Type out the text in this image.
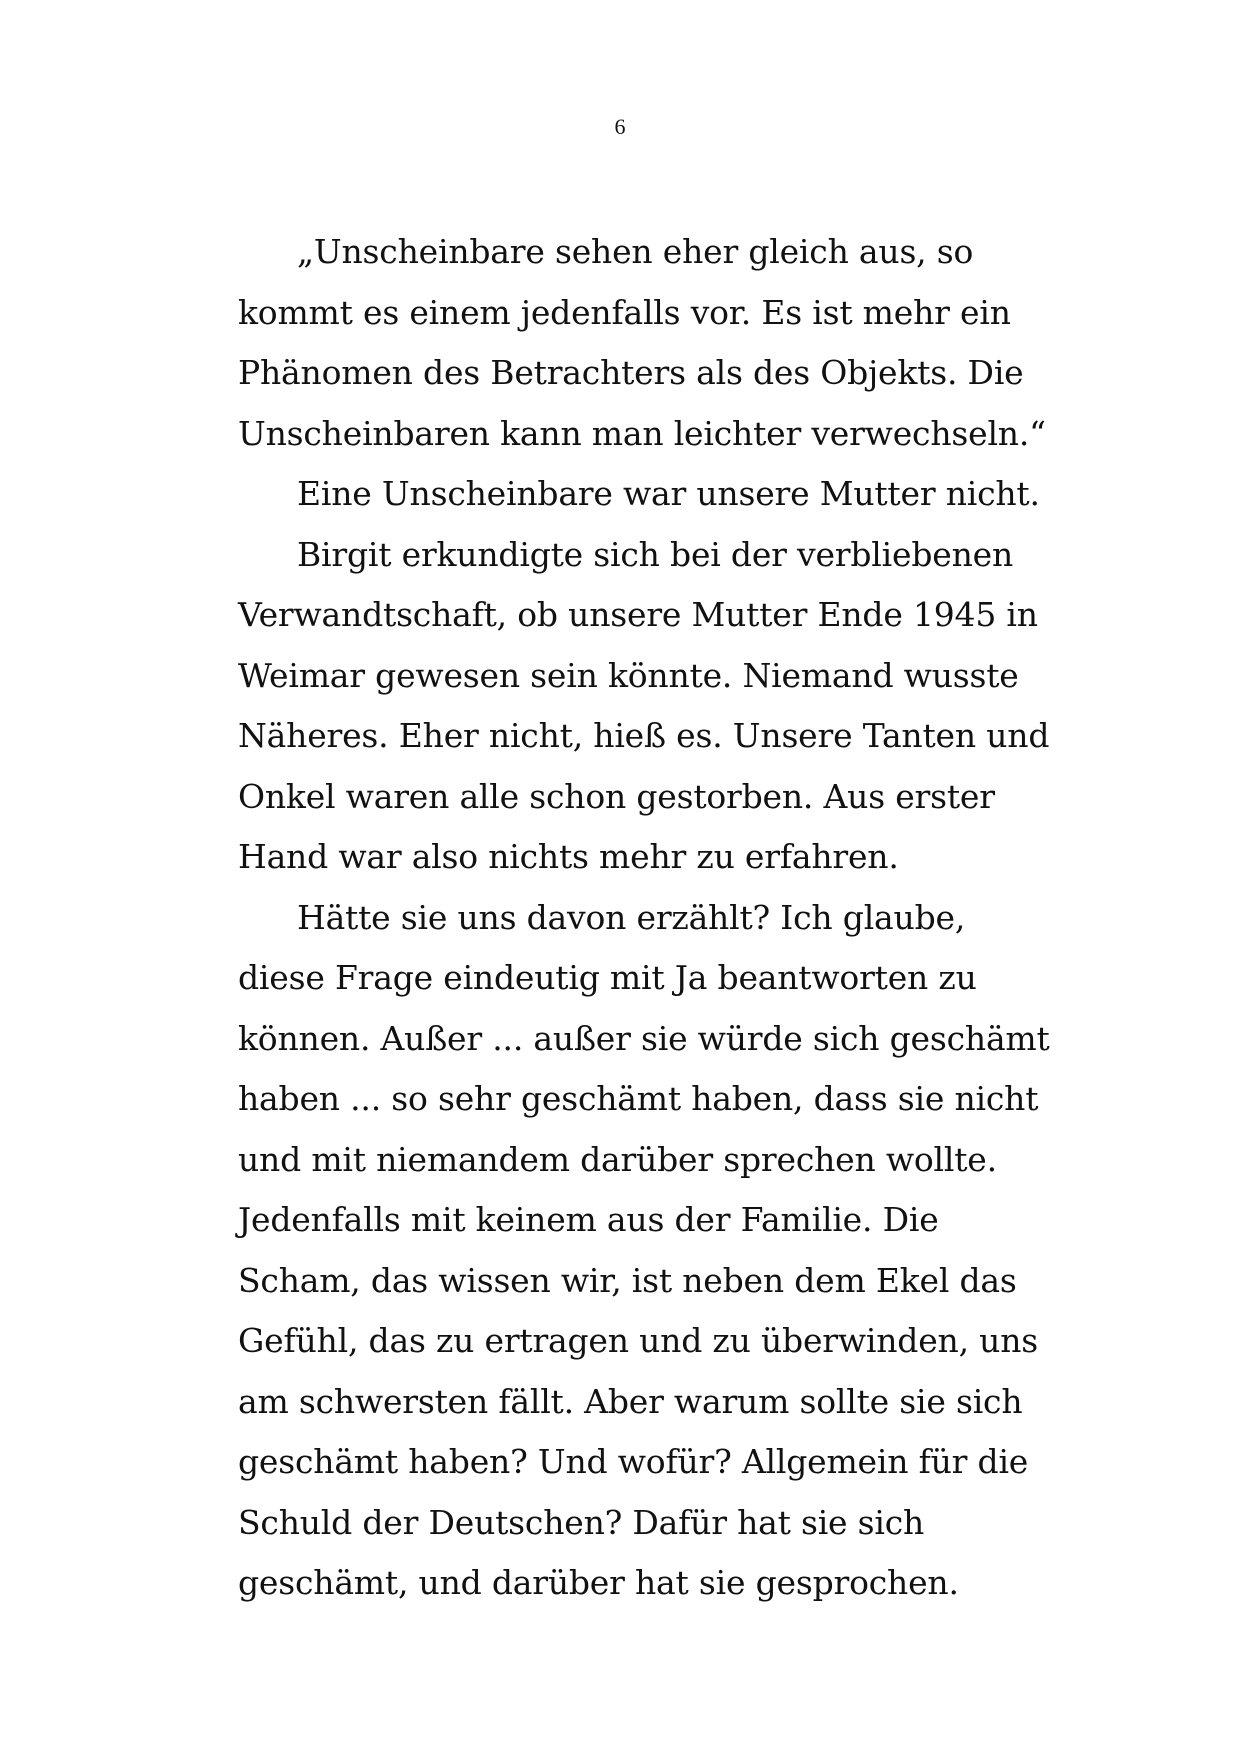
6
„Unscheinbare sehen eher gleich aus, so
kommt es einem jedenfalls vor. Es ist mehr ein
Phänomen des Betrachters als des Objekts. Die
Unscheinbaren kann man leichter verwechseln.“
Eine Unscheinbare war unsere Mutter nicht.
Birgit erkundigte sich bei der verbliebenen
Verwandtschaft, ob unsere Mutter Ende 1945 in
Weimar gewesen sein könnte. Niemand wusste
Näheres. Eher nicht, hieß es. Unsere Tanten und
Onkel waren alle schon gestorben. Aus erster
Hand war also nichts mehr zu erfahren.
Hätte sie uns davon erzählt? Ich glaube,
diese Frage eindeutig mit Ja beantworten zu
können. Außer ... außer sie würde sich geschämt
haben ... so sehr geschämt haben, dass sie nicht
und mit niemandem darüber sprechen wollte.
Jedenfalls mit keinem aus der Familie. Die
Scham, das wissen wir, ist neben dem Ekel das
Gefühl, das zu ertragen und zu überwinden, uns
am schwersten fällt. Aber warum sollte sie sich
geschämt haben? Und wofür? Allgemein für die
Schuld der Deutschen? Dafür hat sie sich
geschämt, und darüber hat sie gesprochen.
